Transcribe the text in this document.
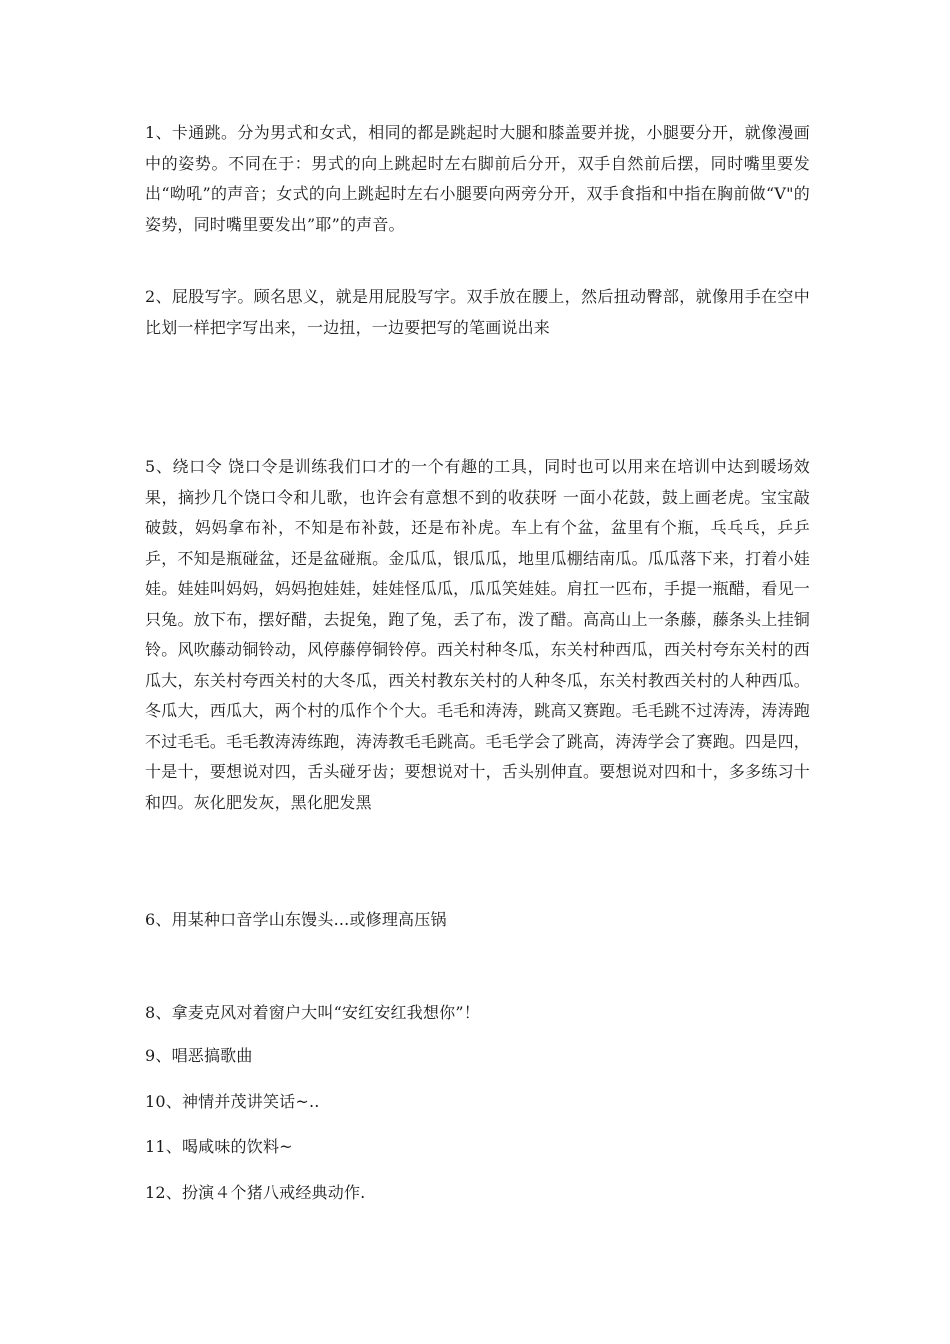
1、卡通跳。分为男式和女式，相同的都是跳起时大腿和膝盖要并拢，小腿要分开，就像漫画中的姿势。不同在于：男式的向上跳起时左右脚前后分开，双手自然前后摆，同时嘴里要发出“呦吼”的声音；女式的向上跳起时左右小腿要向两旁分开，双手食指和中指在胸前做“V"的姿势，同时嘴里要发出”耶”的声音。

2、屁股写字。顾名思义，就是用屁股写字。双手放在腰上，然后扭动臀部，就像用手在空中比划一样把字写出来，一边扭，一边要把写的笔画说出来

5、绕口令 饶口令是训练我们口才的一个有趣的工具，同时也可以用来在培训中达到暖场效果，摘抄几个饶口令和儿歌，也许会有意想不到的收获呀 一面小花鼓，鼓上画老虎。宝宝敲破鼓，妈妈拿布补，不知是布补鼓，还是布补虎。车上有个盆，盆里有个瓶，乓乓乓，乒乒乒，不知是瓶碰盆，还是盆碰瓶。金瓜瓜，银瓜瓜，地里瓜棚结南瓜。瓜瓜落下来，打着小娃娃。娃娃叫妈妈，妈妈抱娃娃，娃娃怪瓜瓜，瓜瓜笑娃娃。肩扛一匹布，手提一瓶醋，看见一只兔。放下布，摆好醋，去捉兔，跑了兔，丢了布，泼了醋。高高山上一条藤，藤条头上挂铜铃。风吹藤动铜铃动，风停藤停铜铃停。西关村种冬瓜，东关村种西瓜，西关村夸东关村的西瓜大，东关村夸西关村的大冬瓜，西关村教东关村的人种冬瓜，东关村教西关村的人种西瓜。冬瓜大，西瓜大，两个村的瓜作个个大。毛毛和涛涛，跳高又赛跑。毛毛跳不过涛涛，涛涛跑不过毛毛。毛毛教涛涛练跑，涛涛教毛毛跳高。毛毛学会了跳高，涛涛学会了赛跑。四是四，十是十，要想说对四，舌头碰牙齿；要想说对十，舌头别伸直。要想说对四和十，多多练习十和四。灰化肥发灰，黑化肥发黑

6、用某种口音学山东馒头...或修理高压锅

8、拿麦克风对着窗户大叫“安红安红我想你”！

9、唱恶搞歌曲

10、神情并茂讲笑话~..

11、喝咸味的饮料~

12、扮演４个猪八戒经典动作.
